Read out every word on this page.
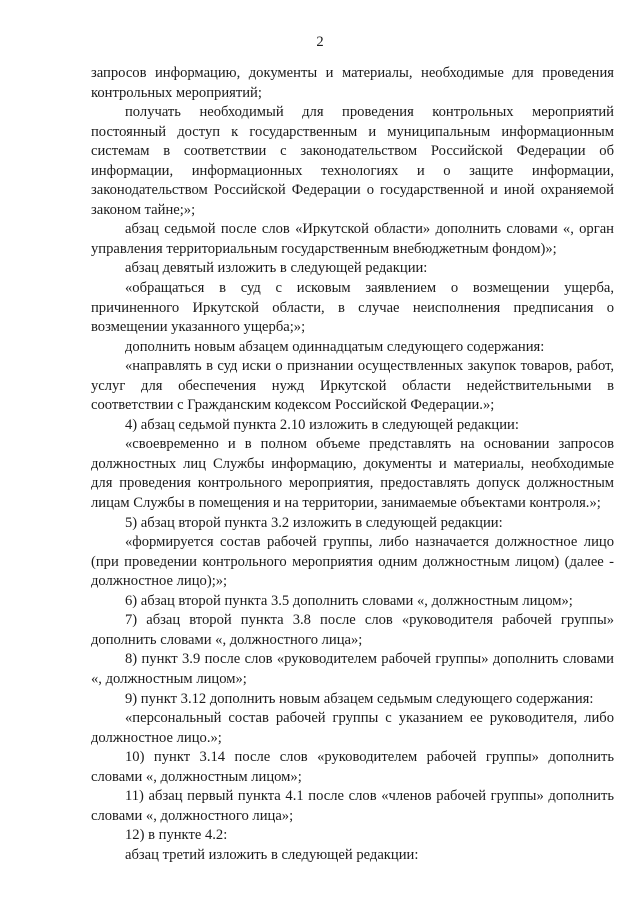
2

запросов информацию, документы и материалы, необходимые для проведения контрольных мероприятий;

получать необходимый для проведения контрольных мероприятий постоянный доступ к государственным и муниципальным информационным системам в соответствии с законодательством Российской Федерации об информации, информационных технологиях и о защите информации, законодательством Российской Федерации о государственной и иной охраняемой законом тайне;»;

абзац седьмой после слов «Иркутской области» дополнить словами «, орган управления территориальным государственным внебюджетным фондом)»;

абзац девятый изложить в следующей редакции:

«обращаться в суд с исковым заявлением о возмещении ущерба, причиненного Иркутской области, в случае неисполнения предписания о возмещении указанного ущерба;»;

дополнить новым абзацем одиннадцатым следующего содержания:

«направлять в суд иски о признании осуществленных закупок товаров, работ, услуг для обеспечения нужд Иркутской области недействительными в соответствии с Гражданским кодексом Российской Федерации.»;

4) абзац седьмой пункта 2.10 изложить в следующей редакции:

«своевременно и в полном объеме представлять на основании запросов должностных лиц Службы информацию, документы и материалы, необходимые для проведения контрольного мероприятия, предоставлять допуск должностным лицам Службы в помещения и на территории, занимаемые объектами контроля.»;

5) абзац второй пункта 3.2 изложить в следующей редакции:

«формируется состав рабочей группы, либо назначается должностное лицо (при проведении контрольного мероприятия одним должностным лицом) (далее - должностное лицо);»;

6) абзац второй пункта 3.5 дополнить словами «, должностным лицом»;

7) абзац второй пункта 3.8 после слов «руководителя рабочей группы» дополнить словами «, должностного лица»;

8) пункт 3.9 после слов «руководителем рабочей группы» дополнить словами «, должностным лицом»;

9) пункт 3.12 дополнить новым абзацем седьмым следующего содержания:

«персональный состав рабочей группы с указанием ее руководителя, либо должностное лицо.»;

10) пункт 3.14 после слов «руководителем рабочей группы» дополнить словами «, должностным лицом»;

11) абзац первый пункта 4.1 после слов «членов рабочей группы» дополнить словами «, должностного лица»;

12) в пункте 4.2:

абзац третий изложить в следующей редакции:
